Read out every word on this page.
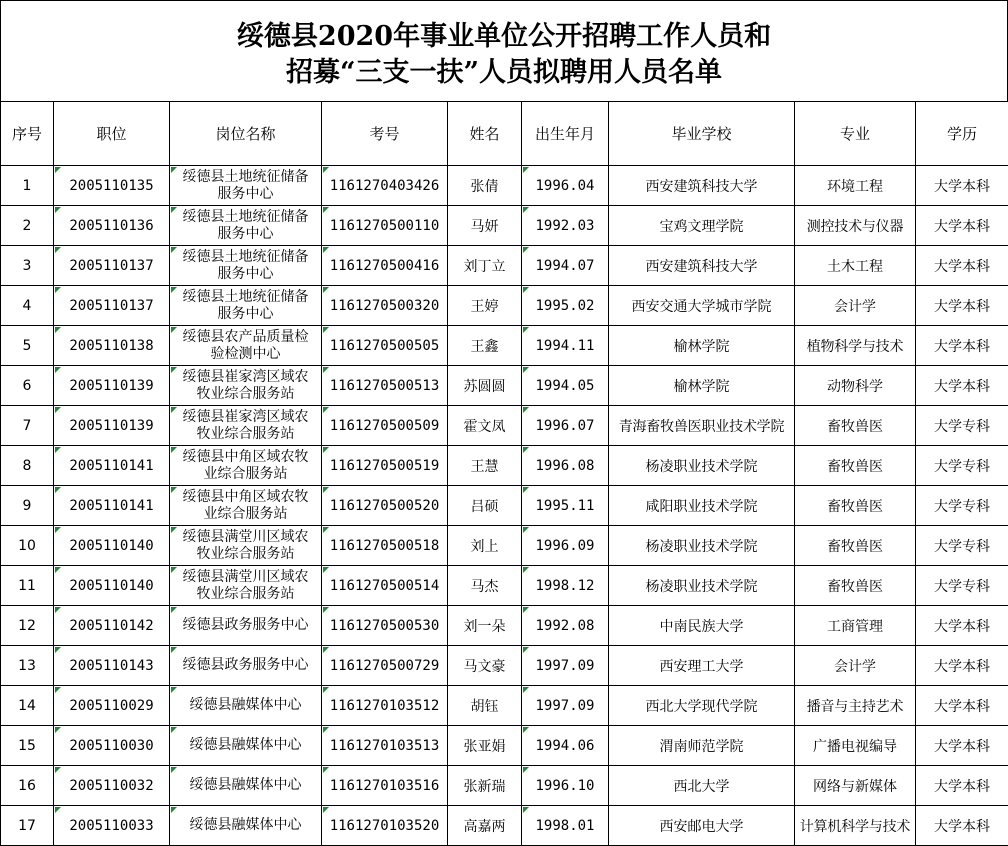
绥德县2020年事业单位公开招聘工作人员和
招募“三支一扶”人员拟聘用人员名单
序号	职位	岗位名称	考号	姓名	出生年月	毕业学校	专业	学历
1	2005110135	绥德县土地统征储备
服务中心	1161270403426	张倩	1996.04	西安建筑科技大学	环境工程	大学本科
2	2005110136	绥德县土地统征储备
服务中心	1161270500110	马妍	1992.03	宝鸡文理学院	测控技术与仪器	大学本科
3	2005110137	绥德县土地统征储备
服务中心	1161270500416	刘丁立	1994.07	西安建筑科技大学	土木工程	大学本科
4	2005110137	绥德县土地统征储备
服务中心	1161270500320	王婷	1995.02	西安交通大学城市学院	会计学	大学本科
5	2005110138	绥德县农产品质量检
验检测中心	1161270500505	王鑫	1994.11	榆林学院	植物科学与技术	大学本科
6	2005110139	绥德县崔家湾区域农
牧业综合服务站	1161270500513	苏圆圆	1994.05	榆林学院	动物科学	大学本科
7	2005110139	绥德县崔家湾区域农
牧业综合服务站	1161270500509	霍文凤	1996.07	青海畜牧兽医职业技术学院	畜牧兽医	大学专科
8	2005110141	绥德县中角区域农牧
业综合服务站	1161270500519	王慧	1996.08	杨凌职业技术学院	畜牧兽医	大学专科
9	2005110141	绥德县中角区域农牧
业综合服务站	1161270500520	吕硕	1995.11	咸阳职业技术学院	畜牧兽医	大学专科
10	2005110140	绥德县满堂川区域农
牧业综合服务站	1161270500518	刘上	1996.09	杨凌职业技术学院	畜牧兽医	大学专科
11	2005110140	绥德县满堂川区域农
牧业综合服务站	1161270500514	马杰	1998.12	杨凌职业技术学院	畜牧兽医	大学专科
12	2005110142	绥德县政务服务中心	1161270500530	刘一朵	1992.08	中南民族大学	工商管理	大学本科
13	2005110143	绥德县政务服务中心	1161270500729	马文豪	1997.09	西安理工大学	会计学	大学本科
14	2005110029	绥德县融媒体中心	1161270103512	胡钰	1997.09	西北大学现代学院	播音与主持艺术	大学本科
15	2005110030	绥德县融媒体中心	1161270103513	张亚娟	1994.06	渭南师范学院	广播电视编导	大学本科
16	2005110032	绥德县融媒体中心	1161270103516	张新瑞	1996.10	西北大学	网络与新媒体	大学本科
17	2005110033	绥德县融媒体中心	1161270103520	高嘉两	1998.01	西安邮电大学	计算机科学与技术	大学本科
